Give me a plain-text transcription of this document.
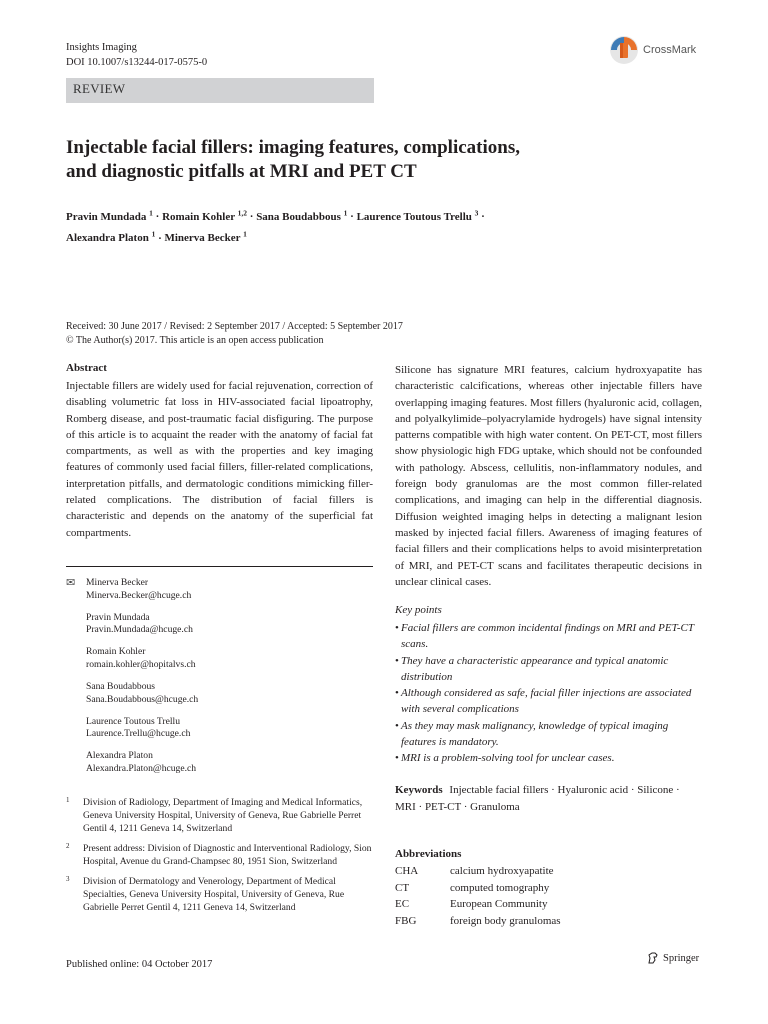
Insights Imaging
DOI 10.1007/s13244-017-0575-0
CrossMark
REVIEW
Injectable facial fillers: imaging features, complications,
and diagnostic pitfalls at MRI and PET CT
Pravin Mundada $^1$ · Romain Kohler $^{1,2}$ · Sana Boudabbous $^1$ · Laurence Toutous Trellu $^3$ ·
Alexandra Platon $^1$ · Minerva Becker $^1$
Received: 30 June 2017 / Revised: 2 September 2017 / Accepted: 5 September 2017
© The Author(s) 2017. This article is an open access publication
Abstract
Injectable fillers are widely used for facial rejuvenation, correction of disabling volumetric fat loss in HIV-associated facial lipoatrophy, Romberg disease, and post-traumatic facial disfiguring. The purpose of this article is to acquaint the reader with the anatomy of facial fat compartments, as well as with the properties and key imaging features of commonly used facial fillers, filler-related complications, interpretation pitfalls, and dermatologic conditions mimicking filler-related complications. The distribution of facial fillers is characteristic and depends on the anatomy of the superficial fat compartments.
✉	Minerva Becker
Minerva.Becker@hcuge.ch
Pravin Mundada
Pravin.Mundada@hcuge.ch
Romain Kohler
romain.kohler@hopitalvs.ch
Sana Boudabbous
Sana.Boudabbous@hcuge.ch
Laurence Toutous Trellu
Laurence.Trellu@hcuge.ch
Alexandra Platon
Alexandra.Platon@hcuge.ch
1	Division of Radiology, Department of Imaging and Medical Informatics, Geneva University Hospital, University of Geneva, Rue Gabrielle Perret Gentil 4, 1211 Geneva 14, Switzerland
2	Present address: Division of Diagnostic and Interventional Radiology, Sion Hospital, Avenue du Grand-Champsec 80, 1951 Sion, Switzerland
3	Division of Dermatology and Venerology, Department of Medical Specialties, Geneva University Hospital, University of Geneva, Rue Gabrielle Perret Gentil 4, 1211 Geneva 14, Switzerland
Silicone has signature MRI features, calcium hydroxyapatite has characteristic calcifications, whereas other injectable fillers have overlapping imaging features. Most fillers (hyaluronic acid, collagen, and polyalkylimide–polyacrylamide hydrogels) have signal intensity patterns compatible with high water content. On PET-CT, most fillers show physiologic high FDG uptake, which should not be confounded with pathology. Abscess, cellulitis, non-inflammatory nodules, and foreign body granulomas are the most common filler-related complications, and imaging can help in the differential diagnosis. Diffusion weighted imaging helps in detecting a malignant lesion masked by injected facial fillers. Awareness of imaging features of facial fillers and their complications helps to avoid misinterpretation of MRI, and PET-CT scans and facilitates therapeutic decisions in unclear clinical cases.
Key points
• Facial fillers are common incidental findings on MRI and PET-CT scans.
• They have a characteristic appearance and typical anatomic distribution
• Although considered as safe, facial filler injections are associated with several complications
• As they may mask malignancy, knowledge of typical imaging features is mandatory.
• MRI is a problem-solving tool for unclear cases.
Keywords Injectable facial fillers · Hyaluronic acid · Silicone · MRI · PET-CT · Granuloma
Abbreviations
CHA	calcium hydroxyapatite
CT	computed tomography
EC	European Community
FBG	foreign body granulomas
Published online: 04 October 2017
Springer
